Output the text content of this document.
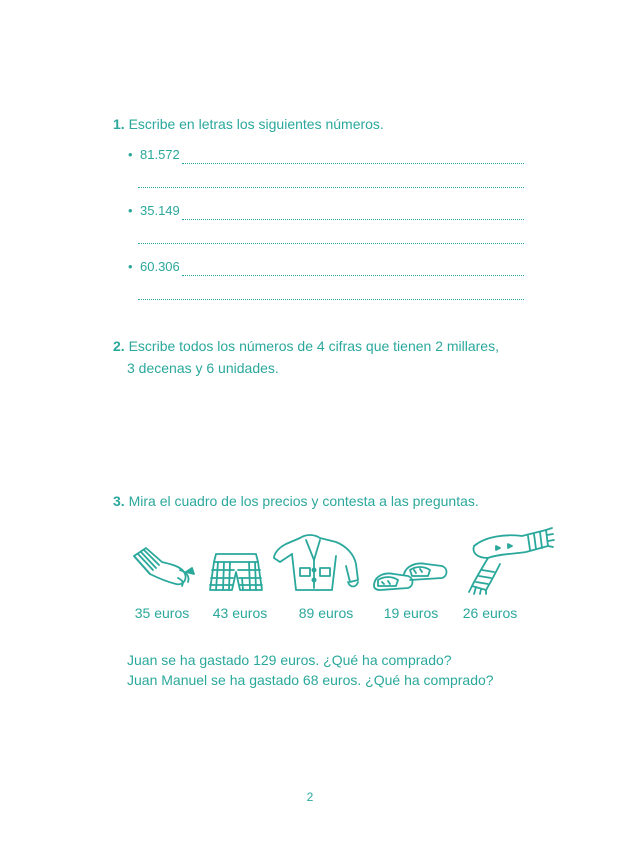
1. Escribe en letras los siguientes números.
• 81.572
• 35.149
• 60.306
2. Escribe todos los números de 4 cifras que tienen 2 millares,
3 decenas y 6 unidades.
3. Mira el cuadro de los precios y contesta a las preguntas.
35 euros	43 euros	89 euros	19 euros	26 euros
Juan se ha gastado 129 euros. ¿Qué ha comprado?
Juan Manuel se ha gastado 68 euros. ¿Qué ha comprado?
2
